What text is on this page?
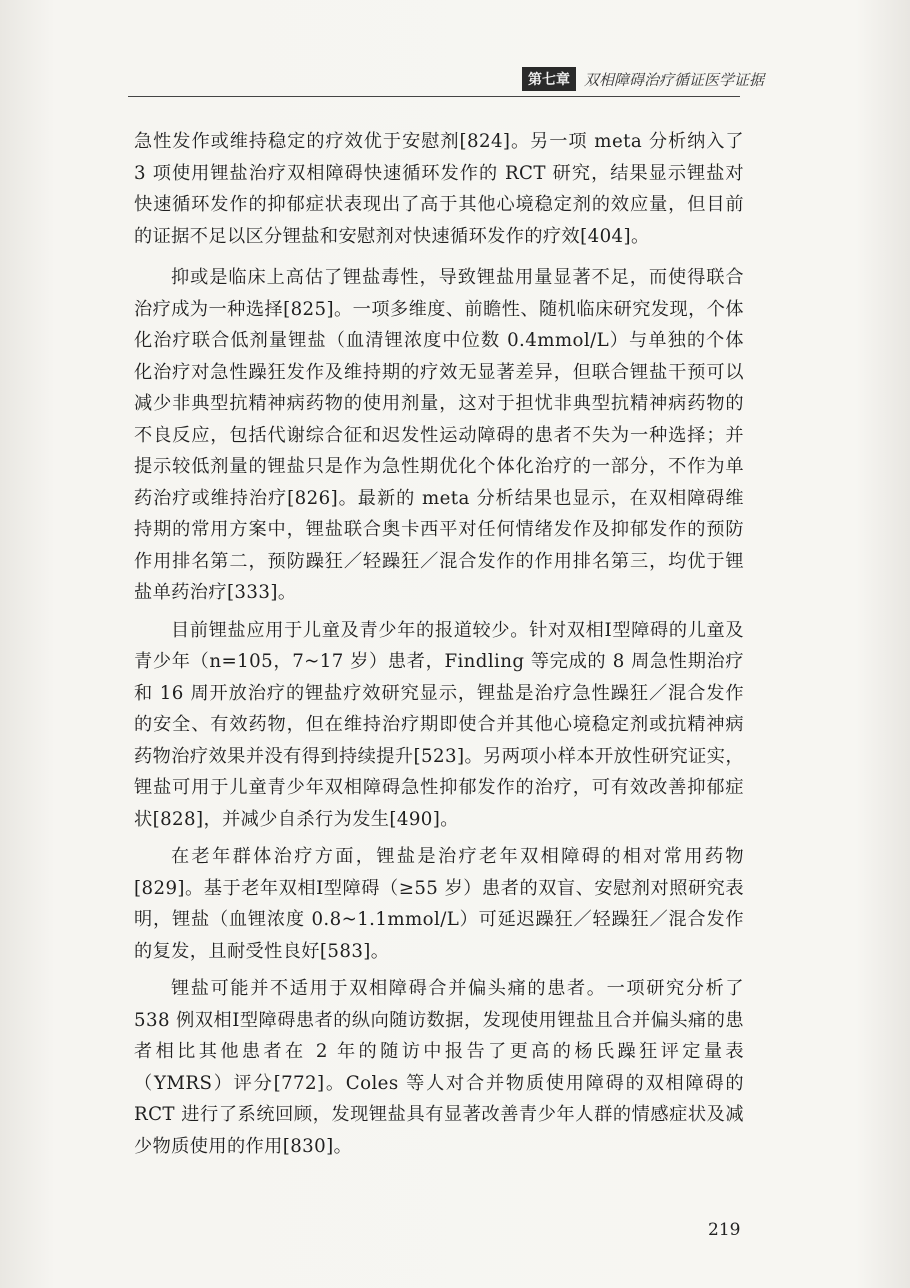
第七章 双相障碍治疗循证医学证据

急性发作或维持稳定的疗效优于安慰剂[824]。另一项 meta 分析纳入了 3 项使用锂盐治疗双相障碍快速循环发作的 RCT 研究，结果显示锂盐对快速循环发作的抑郁症状表现出了高于其他心境稳定剂的效应量，但目前的证据不足以区分锂盐和安慰剂对快速循环发作的疗效[404]。

抑或是临床上高估了锂盐毒性，导致锂盐用量显著不足，而使得联合治疗成为一种选择[825]。一项多维度、前瞻性、随机临床研究发现，个体化治疗联合低剂量锂盐（血清锂浓度中位数 0.4mmol/L）与单独的个体化治疗对急性躁狂发作及维持期的疗效无显著差异，但联合锂盐干预可以减少非典型抗精神病药物的使用剂量，这对于担忧非典型抗精神病药物的不良反应，包括代谢综合征和迟发性运动障碍的患者不失为一种选择；并提示较低剂量的锂盐只是作为急性期优化个体化治疗的一部分，不作为单药治疗或维持治疗[826]。最新的 meta 分析结果也显示，在双相障碍维持期的常用方案中，锂盐联合奥卡西平对任何情绪发作及抑郁发作的预防作用排名第二，预防躁狂／轻躁狂／混合发作的作用排名第三，均优于锂盐单药治疗[333]。

目前锂盐应用于儿童及青少年的报道较少。针对双相Ⅰ型障碍的儿童及青少年（n=105，7~17 岁）患者，Findling 等完成的 8 周急性期治疗和 16 周开放治疗的锂盐疗效研究显示，锂盐是治疗急性躁狂／混合发作的安全、有效药物，但在维持治疗期即使合并其他心境稳定剂或抗精神病药物治疗效果并没有得到持续提升[523]。另两项小样本开放性研究证实，锂盐可用于儿童青少年双相障碍急性抑郁发作的治疗，可有效改善抑郁症状[828]，并减少自杀行为发生[490]。

在老年群体治疗方面，锂盐是治疗老年双相障碍的相对常用药物[829]。基于老年双相Ⅰ型障碍（≥55 岁）患者的双盲、安慰剂对照研究表明，锂盐（血锂浓度 0.8~1.1mmol/L）可延迟躁狂／轻躁狂／混合发作的复发，且耐受性良好[583]。

锂盐可能并不适用于双相障碍合并偏头痛的患者。一项研究分析了 538 例双相Ⅰ型障碍患者的纵向随访数据，发现使用锂盐且合并偏头痛的患者相比其他患者在 2 年的随访中报告了更高的杨氏躁狂评定量表（YMRS）评分[772]。Coles 等人对合并物质使用障碍的双相障碍的 RCT 进行了系统回顾，发现锂盐具有显著改善青少年人群的情感症状及减少物质使用的作用[830]。

219
